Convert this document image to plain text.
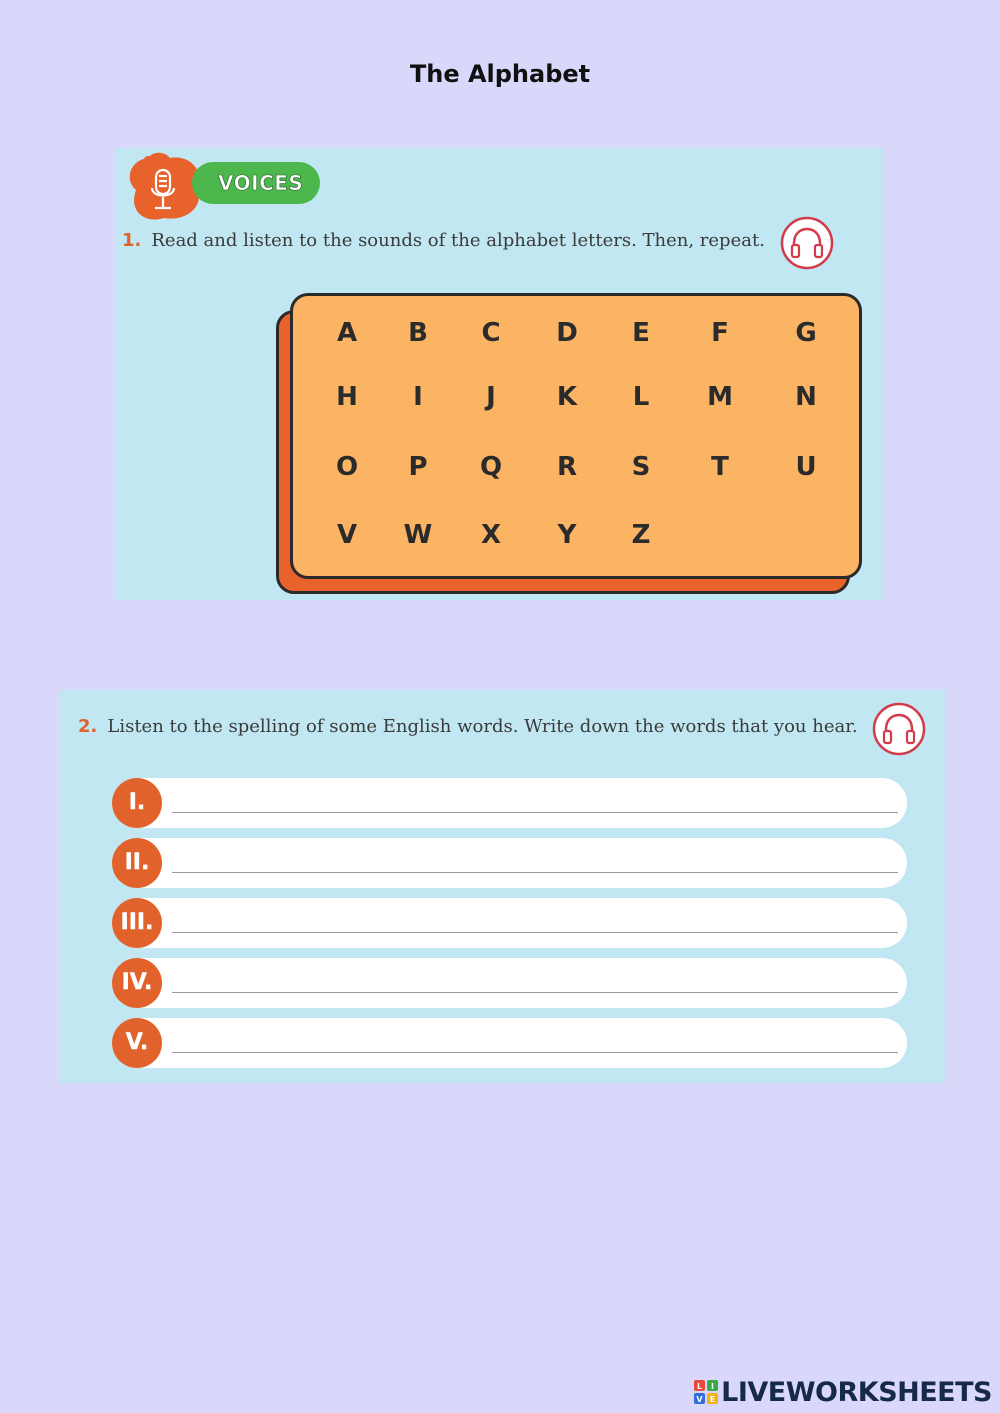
The Alphabet
VOICES
1. Read and listen to the sounds of the alphabet letters. Then, repeat.
A	B	C	D	E	F	G
H	I	J	K	L	M	N
O	P	Q	R	S	T	U
V	W	X	Y	Z
2. Listen to the spelling of some English words. Write down the words that you hear.
I.
II.
III.
IV.
V.
L I
V E LIVEWORKSHEETS
